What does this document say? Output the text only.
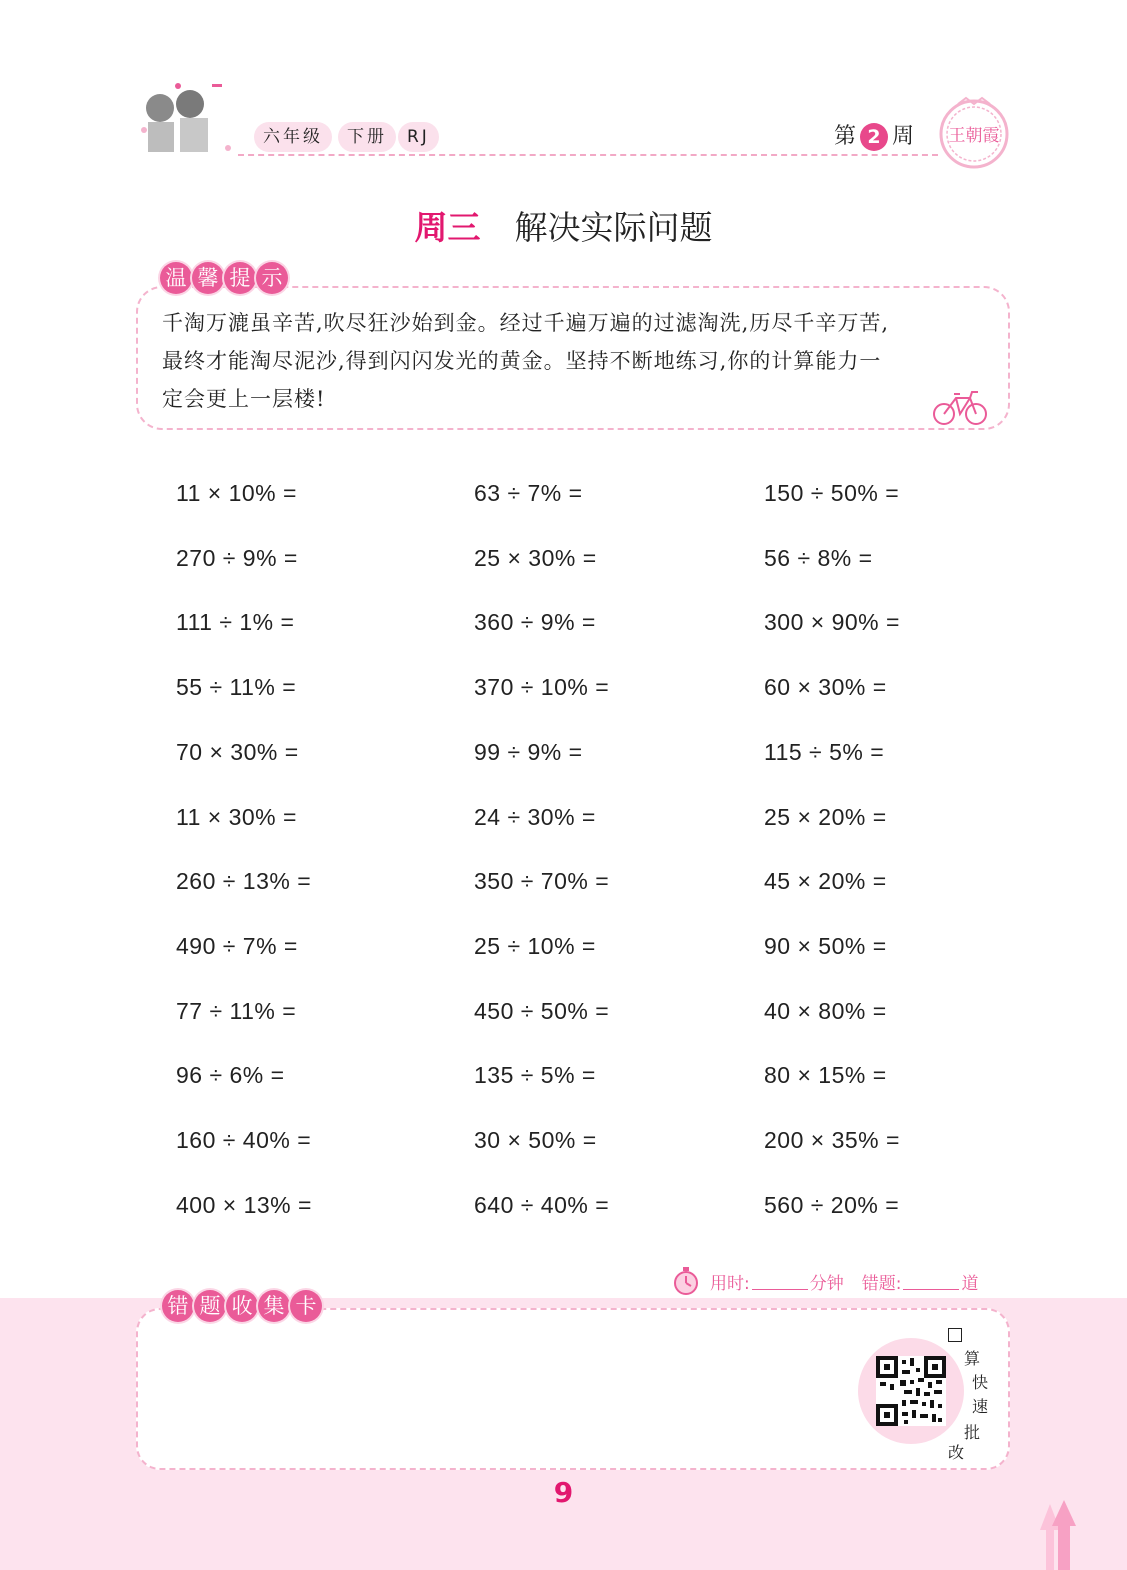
六年级	下册	RJ	第 2 周 王朝霞
周三 解决实际问题
温 馨 提 示
千淘万漉虽辛苦,吹尽狂沙始到金。经过千遍万遍的过滤淘洗,历尽千辛万苦,
最终才能淘尽泥沙,得到闪闪发光的黄金。坚持不断地练习,你的计算能力一
定会更上一层楼!
11 × 10% =	63 ÷ 7% =	150 ÷ 50% =
270 ÷ 9% =	25 × 30% =	56 ÷ 8% =
111 ÷ 1% =	360 ÷ 9% =	300 × 90% =
55 ÷ 11% =	370 ÷ 10% =	60 × 30% =
70 × 30% =	99 ÷ 9% =	115 ÷ 5% =
11 × 30% =	24 ÷ 30% =	25 × 20% =
260 ÷ 13% =	350 ÷ 70% =	45 × 20% =
490 ÷ 7% =	25 ÷ 10% =	90 × 50% =
77 ÷ 11% =	450 ÷ 50% =	40 × 80% =
96 ÷ 6% =	135 ÷ 5% =	80 × 15% =
160 ÷ 40% =	30 × 50% =	200 × 35% =
400 × 13% =	640 ÷ 40% =	560 ÷ 20% =
用时:	分钟 错题:	道
错 题 收 集 卡
算
快
速
批
改
9
